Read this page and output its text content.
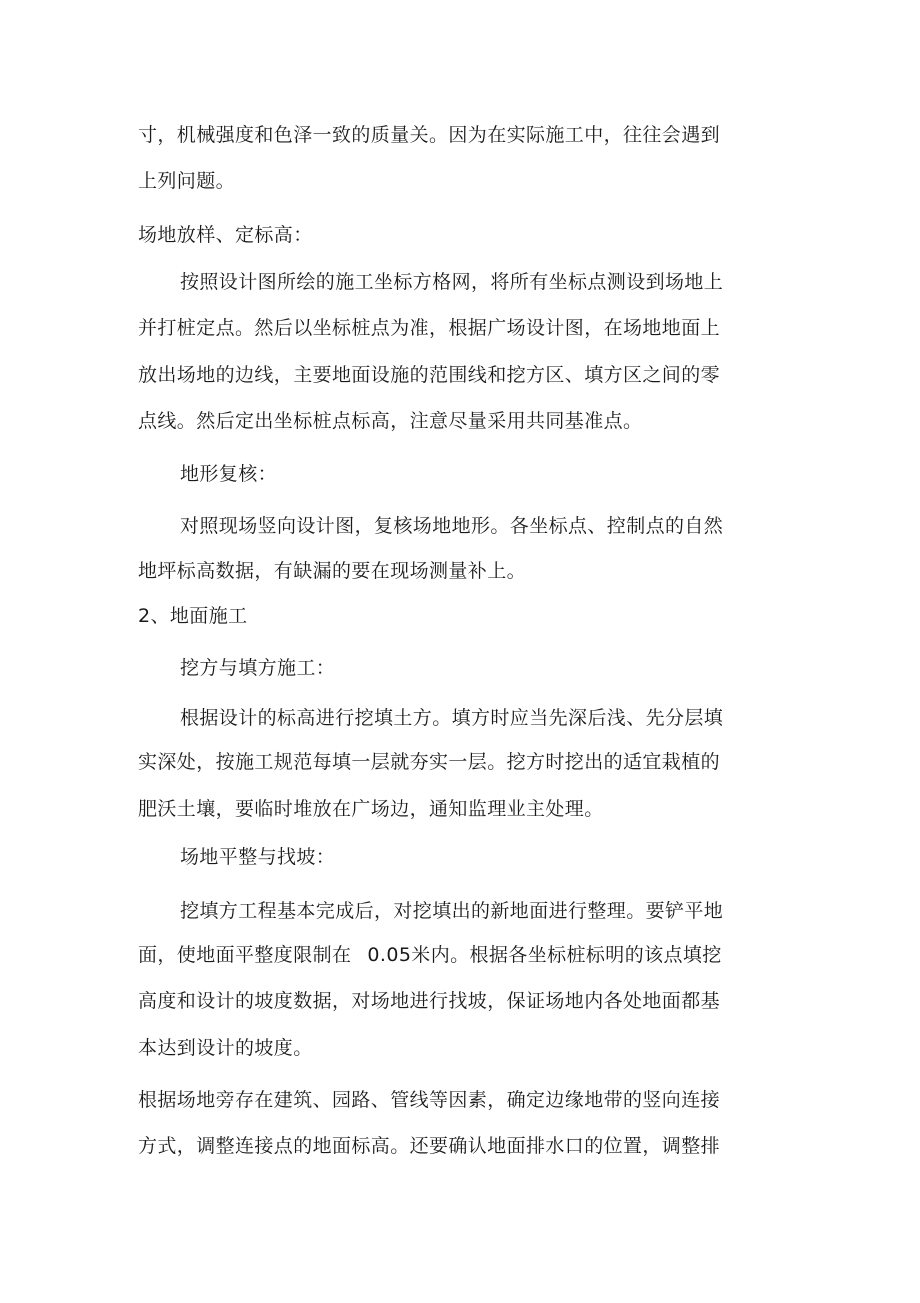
寸，机械强度和色泽一致的质量关。因为在实际施工中，往往会遇到
上列问题。
场地放样、定标高：
按照设计图所绘的施工坐标方格网，将所有坐标点测设到场地上
并打桩定点。然后以坐标桩点为准，根据广场设计图，在场地地面上
放出场地的边线，主要地面设施的范围线和挖方区、填方区之间的零
点线。然后定出坐标桩点标高，注意尽量采用共同基准点。
地形复核：
对照现场竖向设计图，复核场地地形。各坐标点、控制点的自然
地坪标高数据，有缺漏的要在现场测量补上。
2、地面施工
挖方与填方施工：
根据设计的标高进行挖填土方。填方时应当先深后浅、先分层填
实深处，按施工规范每填一层就夯实一层。挖方时挖出的适宜栽植的
肥沃土壤，要临时堆放在广场边，通知监理业主处理。
场地平整与找坡：
挖填方工程基本完成后，对挖填出的新地面进行整理。要铲平地
面，使地面平整度限制在 0.05米内。根据各坐标桩标明的该点填挖
高度和设计的坡度数据，对场地进行找坡，保证场地内各处地面都基
本达到设计的坡度。
根据场地旁存在建筑、园路、管线等因素，确定边缘地带的竖向连接
方式，调整连接点的地面标高。还要确认地面排水口的位置，调整排
